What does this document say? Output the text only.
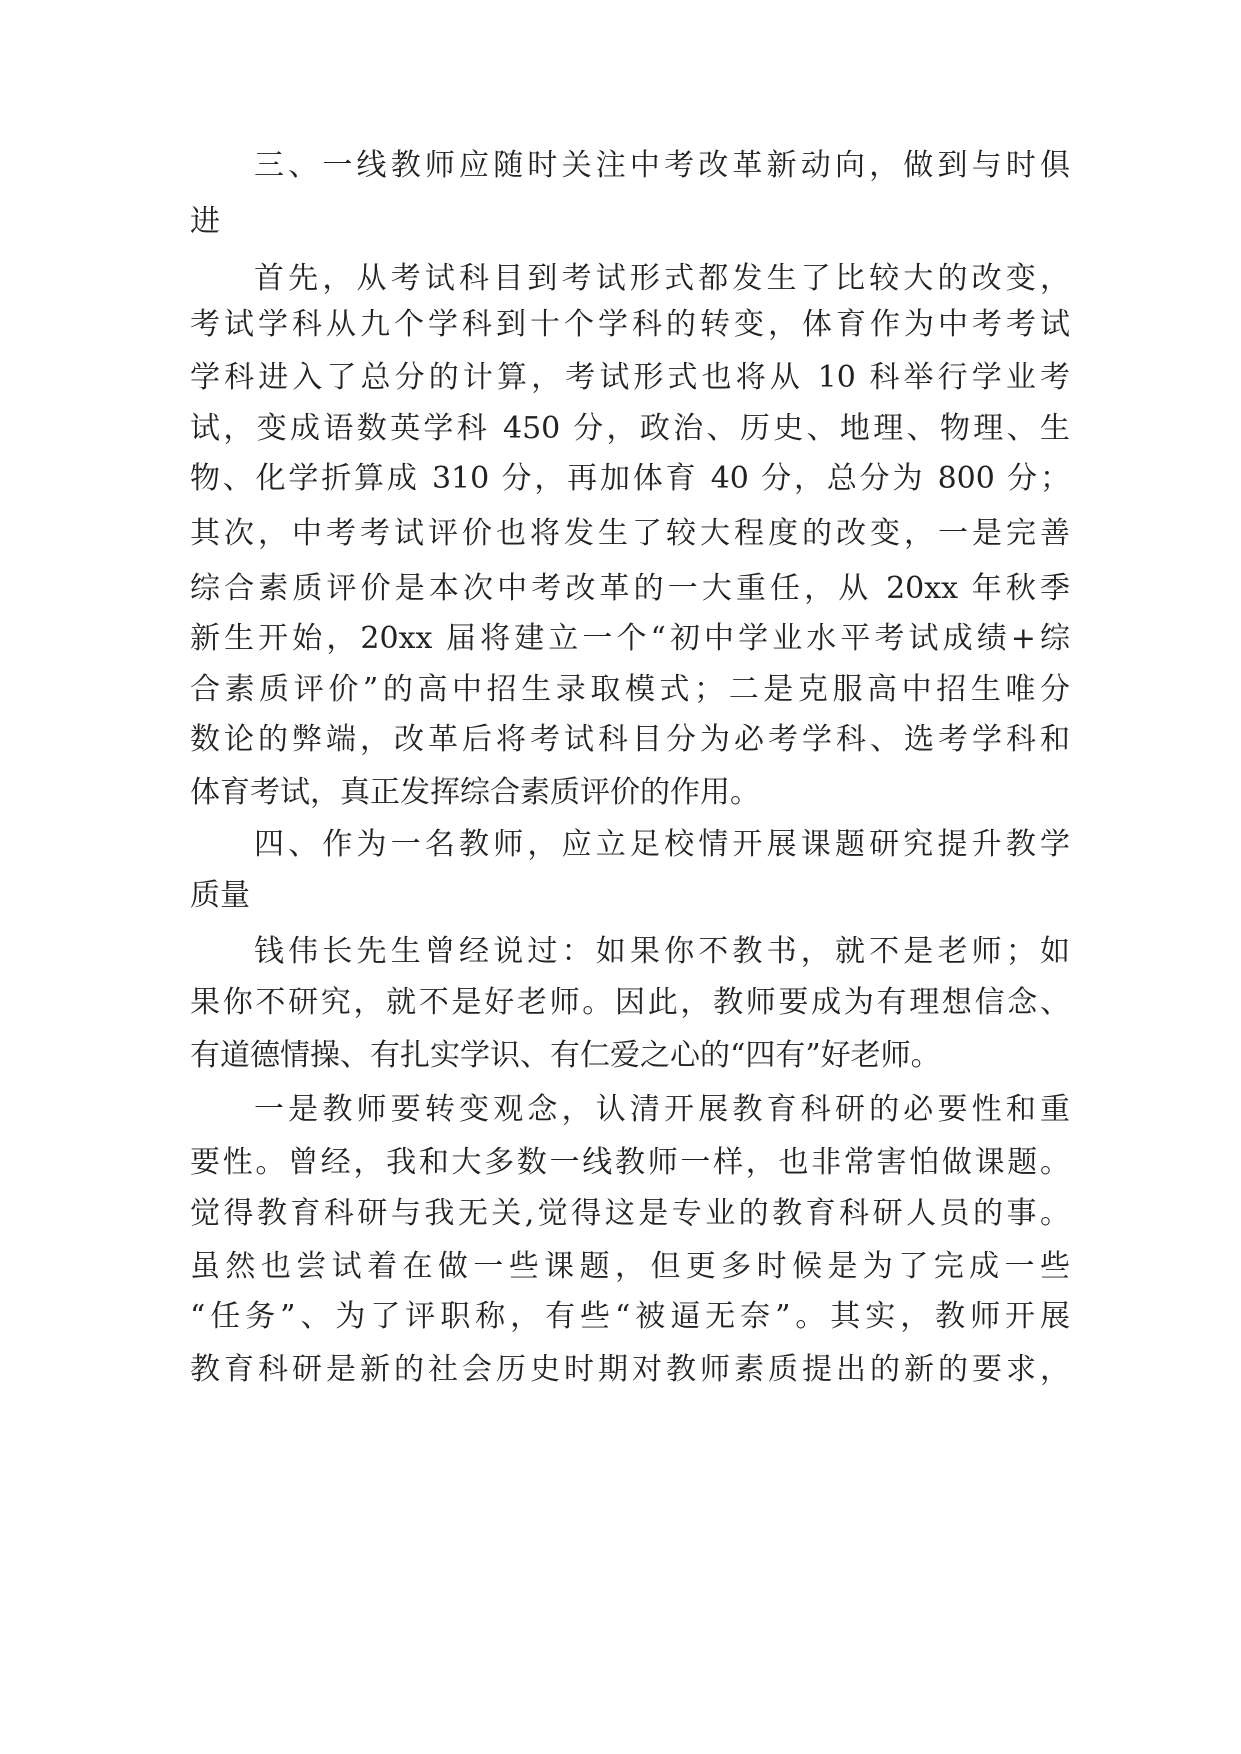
三、一线教师应随时关注中考改革新动向，做到与时俱
进
首先，从考试科目到考试形式都发生了比较大的改变，
考试学科从九个学科到十个学科的转变，体育作为中考考试
学科进入了总分的计算，考试形式也将从 10 科举行学业考
试，变成语数英学科 450 分，政治、历史、地理、物理、生
物、化学折算成 310 分，再加体育 40 分，总分为 800 分；
其次，中考考试评价也将发生了较大程度的改变，一是完善
综合素质评价是本次中考改革的一大重任，从 20xx 年秋季
新生开始，20xx 届将建立一个“初中学业水平考试成绩+综
合素质评价”的高中招生录取模式；二是克服高中招生唯分
数论的弊端，改革后将考试科目分为必考学科、选考学科和
体育考试，真正发挥综合素质评价的作用。
四、作为一名教师，应立足校情开展课题研究提升教学
质量
钱伟长先生曾经说过：如果你不教书，就不是老师；如
果你不研究，就不是好老师。因此，教师要成为有理想信念、
有道德情操、有扎实学识、有仁爱之心的“四有”好老师。
一是教师要转变观念，认清开展教育科研的必要性和重
要性。曾经，我和大多数一线教师一样，也非常害怕做课题。
觉得教育科研与我无关,觉得这是专业的教育科研人员的事。
虽然也尝试着在做一些课题，但更多时候是为了完成一些
“任务”、为了评职称，有些“被逼无奈”。其实，教师开展
教育科研是新的社会历史时期对教师素质提出的新的要求，
